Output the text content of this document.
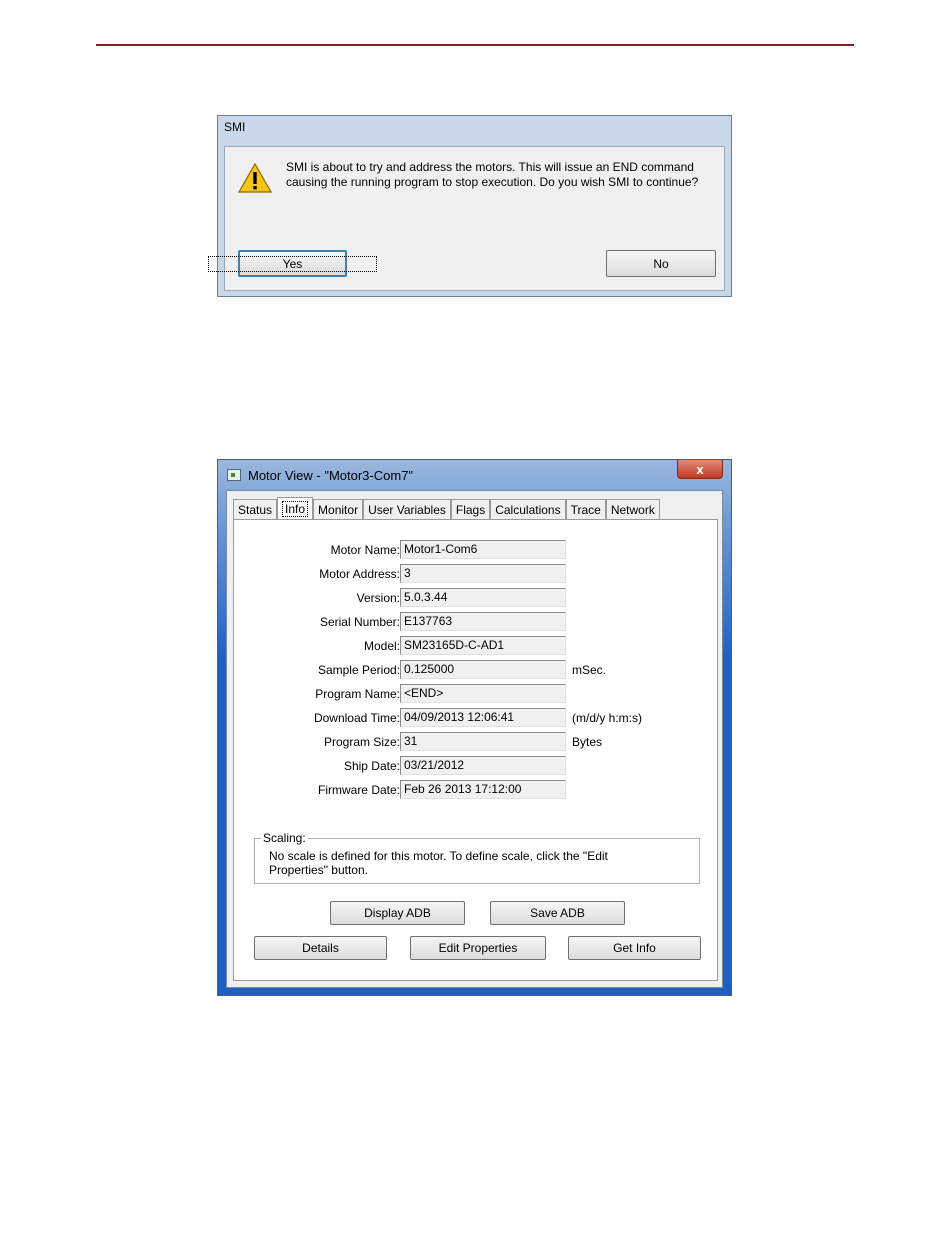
SMI
SMI is about to try and address the motors. This will issue an END command causing the running program to stop execution. Do you wish SMI to continue?
Yes	No
Motor View - "Motor3-Com7"	x
Status Info Monitor User Variables Flags Calculations Trace Network
Motor Name: Motor1-Com6
Motor Address: 3
Version: 5.0.3.44
Serial Number: E137763
Model: SM23165D-C-AD1
Sample Period: 0.125000	mSec.
Program Name: <END>
Download Time: 04/09/2013 12:06:41	(m/d/y h:m:s)
Program Size: 31	Bytes
Ship Date: 03/21/2012
Firmware Date: Feb 26 2013 17:12:00
Scaling:
No scale is defined for this motor. To define scale, click the "Edit Properties" button.
Display ADB	Save ADB
Details	Edit Properties	Get Info
